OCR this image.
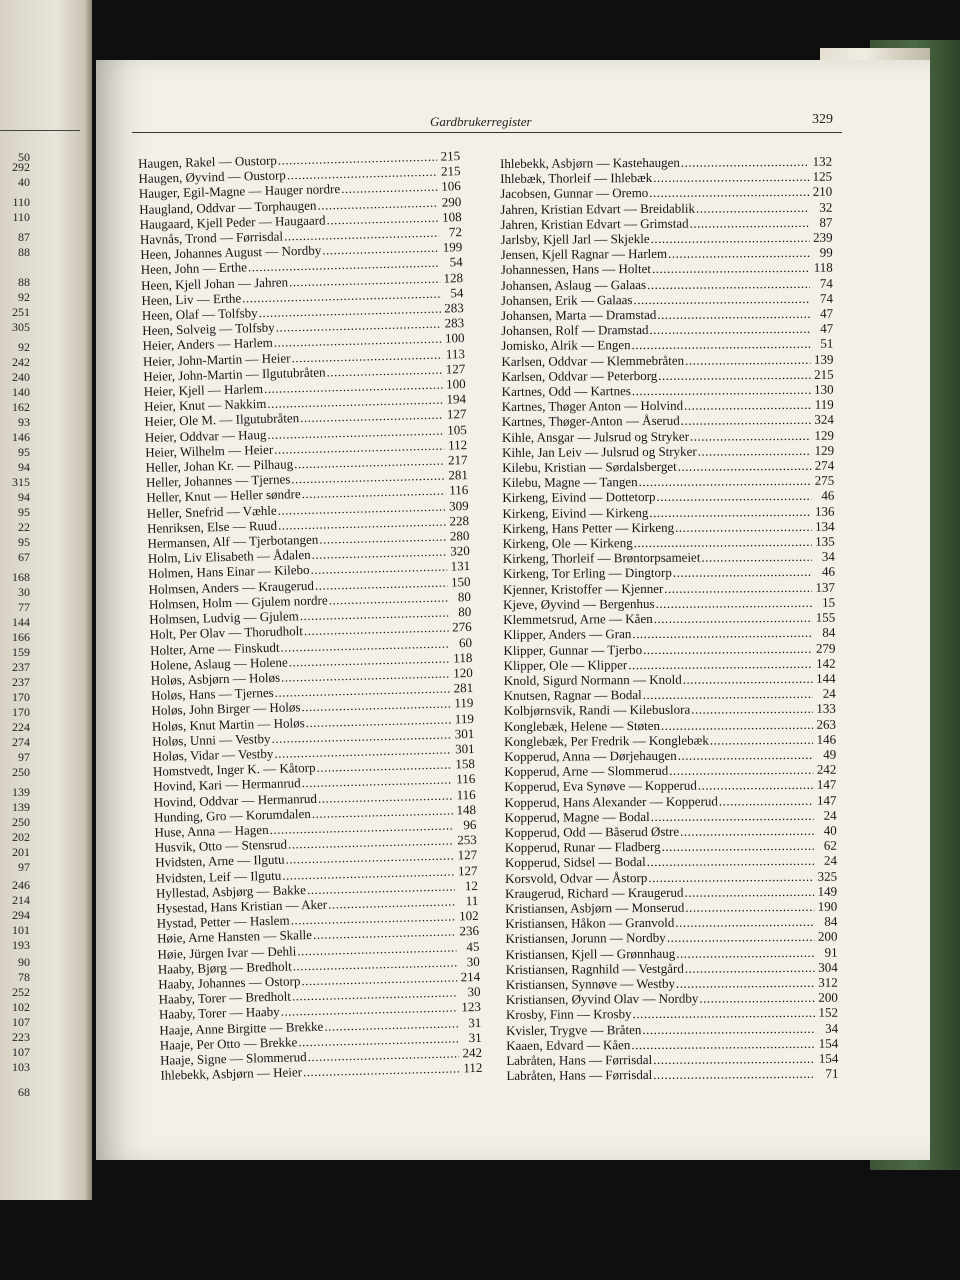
50
292
40
110
110
87
88
88
92
251
305
92
242
240
140
162
93
146
95
94
315
94
95
22
95
67
168
30
77
144
166
159
237
237
170
170
224
274
97
250
139
139
250
202
201
97
246
214
294
101
193
90
78
252
102
107
223
107
103
68
Gardbrukerregister	329
Haugen, Rakel — Oustorp .....	215
Haugen, Øyvind — Oustorp .....	215
Hauger, Egil-Magne — Hauger nordre .....	106
Haugland, Oddvar — Torphaugen .....	290
Haugaard, Kjell Peder — Haugaard .....	108
Havnås, Trond — Førrisdal .....	72
Heen, Johannes August — Nordby .....	199
Heen, John — Erthe .....	54
Heen, Kjell Johan — Jahren .....	128
Heen, Liv — Erthe .....	54
Heen, Olaf — Tolfsby .....	283
Heen, Solveig — Tolfsby .....	283
Heier, Anders — Harlem .....	100
Heier, John-Martin — Heier .....	113
Heier, John-Martin — Ilgutubråten .....	127
Heier, Kjell — Harlem .....	100
Heier, Knut — Nakkim .....	194
Heier, Ole M. — Ilgutubråten .....	127
Heier, Oddvar — Haug .....	105
Heier, Wilhelm — Heier .....	112
Heller, Johan Kr. — Pilhaug .....	217
Heller, Johannes — Tjernes .....	281
Heller, Knut — Heller søndre .....	116
Heller, Snefrid — Væhle .....	309
Henriksen, Else — Ruud .....	228
Hermansen, Alf — Tjerbotangen .....	280
Holm, Liv Elisabeth — Ådalen .....	320
Holmen, Hans Einar — Kilebo .....	131
Holmsen, Anders — Kraugerud .....	150
Holmsen, Holm — Gjulem nordre .....	80
Holmsen, Ludvig — Gjulem .....	80
Holt, Per Olav — Thorudholt .....	276
Holter, Arne — Finskudt .....	60
Holene, Aslaug — Holene .....	118
Holøs, Asbjørn — Holøs .....	120
Holøs, Hans — Tjernes .....	281
Holøs, John Birger — Holøs .....	119
Holøs, Knut Martin — Holøs .....	119
Holøs, Unni — Vestby .....	301
Holøs, Vidar — Vestby .....	301
Homstvedt, Inger K. — Kåtorp .....	158
Hovind, Kari — Hermanrud .....	116
Hovind, Oddvar — Hermanrud .....	116
Hunding, Gro — Korumdalen .....	148
Huse, Anna — Hagen .....	96
Husvik, Otto — Stensrud .....	253
Hvidsten, Arne — Ilgutu .....	127
Hvidsten, Leif — Ilgutu .....	127
Hyllestad, Asbjørg — Bakke .....	12
Hysestad, Hans Kristian — Aker .....	11
Hystad, Petter — Haslem .....	102
Høie, Arne Hansten — Skalle .....	236
Høie, Jürgen Ivar — Dehli .....	45
Haaby, Bjørg — Bredholt .....	30
Haaby, Johannes — Ostorp .....	214
Haaby, Torer — Bredholt .....	30
Haaby, Torer — Haaby .....	123
Haaje, Anne Birgitte — Brekke .....	31
Haaje, Per Otto — Brekke .....	31
Haaje, Signe — Slommerud .....	242
Ihlebekk, Asbjørn — Heier .....	112
Ihlebekk, Asbjørn — Kastehaugen .....	132
Ihlebæk, Thorleif — Ihlebæk .....	125
Jacobsen, Gunnar — Oremo .....	210
Jahren, Kristian Edvart — Breidablik .....	32
Jahren, Kristian Edvart — Grimstad .....	87
Jarlsby, Kjell Jarl — Skjekle .....	239
Jensen, Kjell Ragnar — Harlem .....	99
Johannessen, Hans — Holtet .....	118
Johansen, Aslaug — Galaas .....	74
Johansen, Erik — Galaas .....	74
Johansen, Marta — Dramstad .....	47
Johansen, Rolf — Dramstad .....	47
Jomisko, Alrik — Engen .....	51
Karlsen, Oddvar — Klemmebråten .....	139
Karlsen, Oddvar — Peterborg .....	215
Kartnes, Odd — Kartnes .....	130
Kartnes, Thøger Anton — Holvind .....	119
Kartnes, Thøger-Anton — Åserud .....	324
Kihle, Ansgar — Julsrud og Stryker .....	129
Kihle, Jan Leiv — Julsrud og Stryker .....	129
Kilebu, Kristian — Sørdalsberget .....	274
Kilebu, Magne — Tangen .....	275
Kirkeng, Eivind — Dottetorp .....	46
Kirkeng, Eivind — Kirkeng .....	136
Kirkeng, Hans Petter — Kirkeng .....	134
Kirkeng, Ole — Kirkeng .....	135
Kirkeng, Thorleif — Brøntorpsameiet .....	34
Kirkeng, Tor Erling — Dingtorp .....	46
Kjenner, Kristoffer — Kjenner .....	137
Kjeve, Øyvind — Bergenhus .....	15
Klemmetsrud, Arne — Kåen .....	155
Klipper, Anders — Gran .....	84
Klipper, Gunnar — Tjerbo .....	279
Klipper, Ole — Klipper .....	142
Knold, Sigurd Normann — Knold .....	144
Knutsen, Ragnar — Bodal .....	24
Kolbjørnsvik, Randi — Kilebuslora .....	133
Konglebæk, Helene — Støten .....	263
Konglebæk, Per Fredrik — Konglebæk .....	146
Kopperud, Anna — Dørjehaugen .....	49
Kopperud, Arne — Slommerud .....	242
Kopperud, Eva Synøve — Kopperud .....	147
Kopperud, Hans Alexander — Kopperud .....	147
Kopperud, Magne — Bodal .....	24
Kopperud, Odd — Båserud Østre .....	40
Kopperud, Runar — Fladberg .....	62
Kopperud, Sidsel — Bodal .....	24
Korsvold, Odvar — Åstorp .....	325
Kraugerud, Richard — Kraugerud .....	149
Kristiansen, Asbjørn — Monserud .....	190
Kristiansen, Håkon — Granvold .....	84
Kristiansen, Jorunn — Nordby .....	200
Kristiansen, Kjell — Grønnhaug .....	91
Kristiansen, Ragnhild — Vestgård .....	304
Kristiansen, Synnøve — Westby .....	312
Kristiansen, Øyvind Olav — Nordby .....	200
Krosby, Finn — Krosby .....	152
Kvisler, Trygve — Bråten .....	34
Kaaen, Edvard — Kåen .....	154
Labråten, Hans — Førrisdal .....	154
Labråten, Hans — Førrisdal .....	71
